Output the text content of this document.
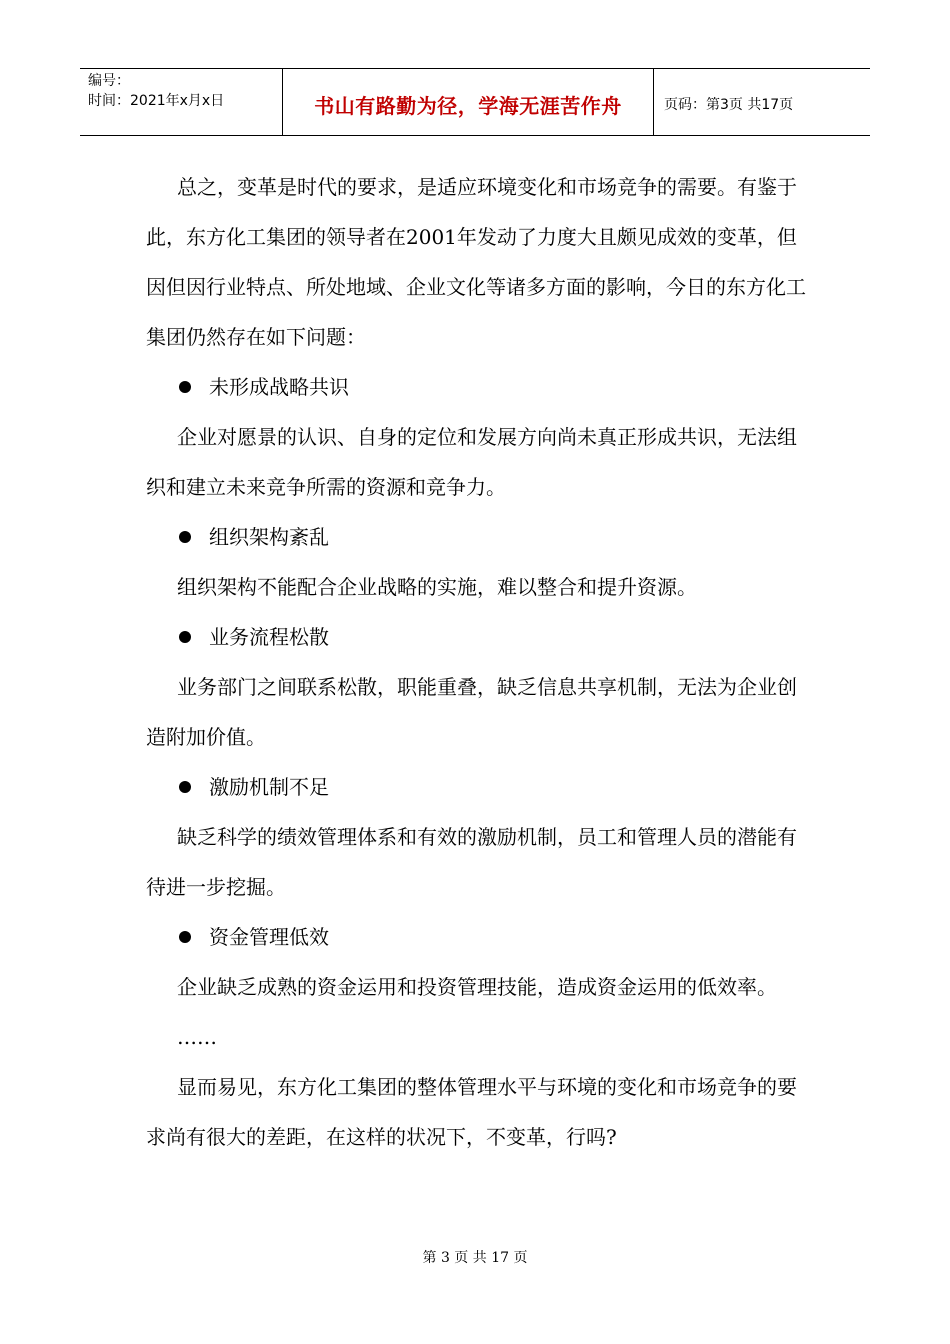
编号：
时间：2021年x月x日	书山有路勤为径，学海无涯苦作舟	页码：第3页 共17页

总之，变革是时代的要求，是适应环境变化和市场竞争的需要。有鉴于此，东方化工集团的领导者在2001年发动了力度大且颇见成效的变革，但因但因行业特点、所处地域、企业文化等诸多方面的影响，今日的东方化工集团仍然存在如下问题：

未形成战略共识

企业对愿景的认识、自身的定位和发展方向尚未真正形成共识，无法组织和建立未来竞争所需的资源和竞争力。

组织架构紊乱

组织架构不能配合企业战略的实施，难以整合和提升资源。

业务流程松散

业务部门之间联系松散，职能重叠，缺乏信息共享机制，无法为企业创造附加价值。

激励机制不足

缺乏科学的绩效管理体系和有效的激励机制，员工和管理人员的潜能有待进一步挖掘。

资金管理低效

企业缺乏成熟的资金运用和投资管理技能，造成资金运用的低效率。

……

显而易见，东方化工集团的整体管理水平与环境的变化和市场竞争的要求尚有很大的差距，在这样的状况下，不变革，行吗?

第 3 页 共 17 页
